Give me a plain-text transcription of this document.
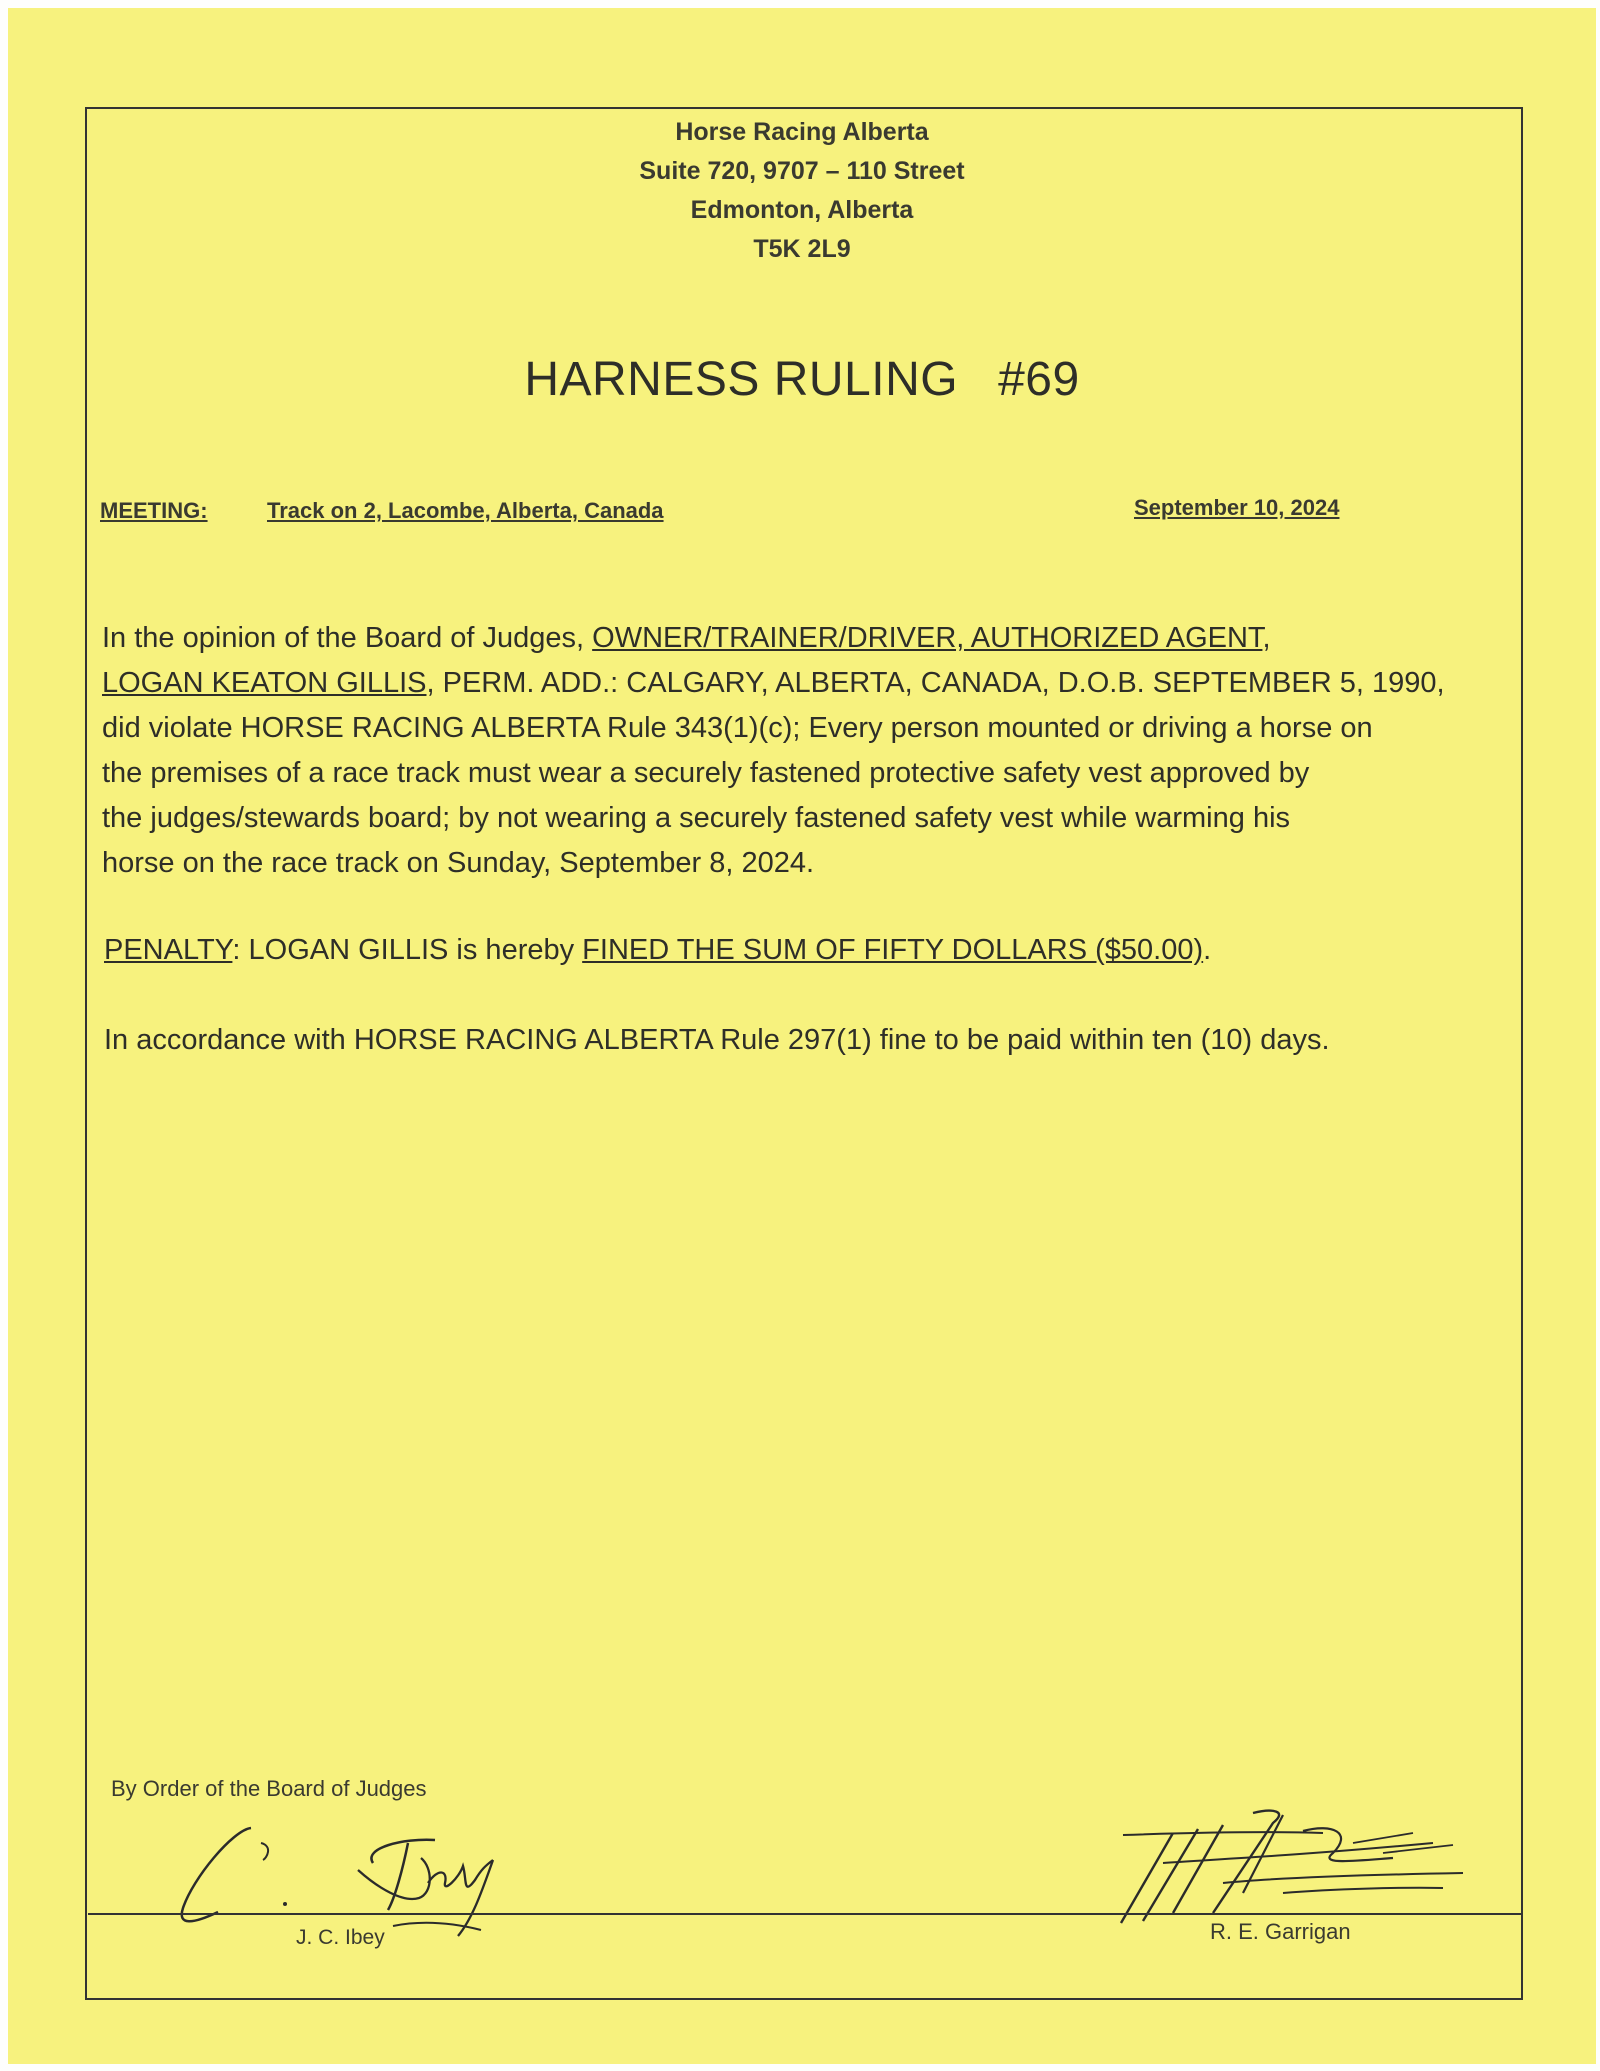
Horse Racing Alberta
Suite 720, 9707 – 110 Street
Edmonton, Alberta
T5K 2L9
HARNESS RULING #69
MEETING:	Track on 2, Lacombe, Alberta, Canada	September 10, 2024
In the opinion of the Board of Judges, OWNER/TRAINER/DRIVER, AUTHORIZED AGENT,
LOGAN KEATON GILLIS, PERM. ADD.: CALGARY, ALBERTA, CANADA, D.O.B. SEPTEMBER 5, 1990,
did violate HORSE RACING ALBERTA Rule 343(1)(c); Every person mounted or driving a horse on
the premises of a race track must wear a securely fastened protective safety vest approved by
the judges/stewards board; by not wearing a securely fastened safety vest while warming his
horse on the race track on Sunday, September 8, 2024.
PENALTY: LOGAN GILLIS is hereby FINED THE SUM OF FIFTY DOLLARS ($50.00).
In accordance with HORSE RACING ALBERTA Rule 297(1) fine to be paid within ten (10) days.
By Order of the Board of Judges
J. C. Ibey	R. E. Garrigan
